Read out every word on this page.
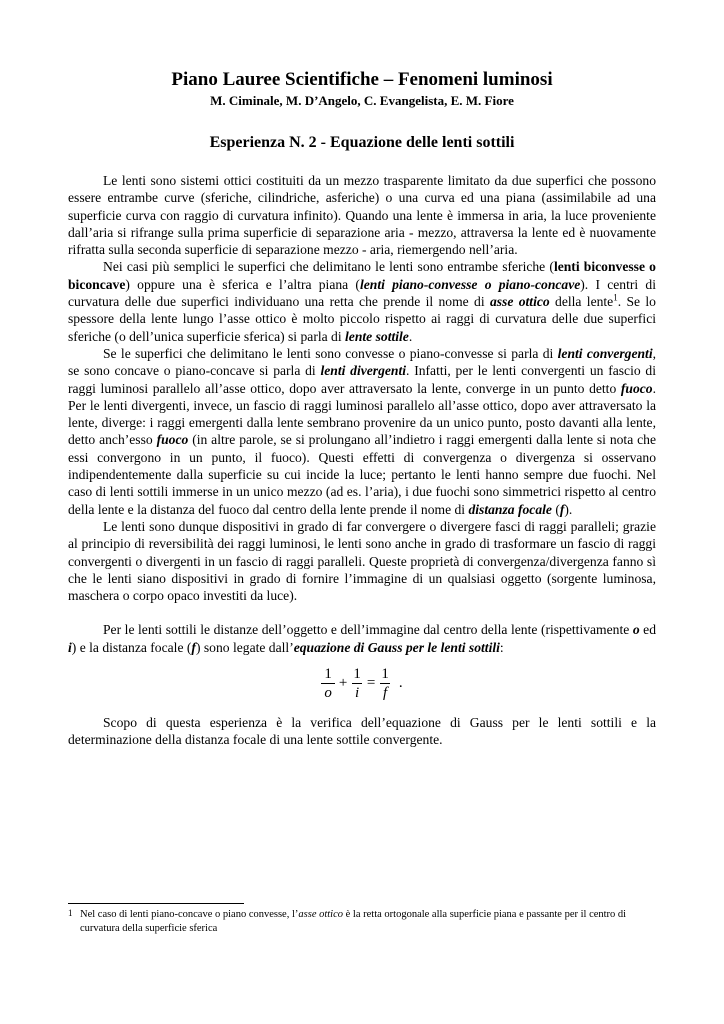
Piano Lauree Scientifiche – Fenomeni luminosi
M. Ciminale, M. D’Angelo, C. Evangelista, E. M. Fiore
Esperienza N. 2 - Equazione delle lenti sottili

Le lenti sono sistemi ottici costituiti da un mezzo trasparente limitato da due superfici che possono essere entrambe curve (sferiche, cilindriche, asferiche) o una curva ed una piana (assimilabile ad una superficie curva con raggio di curvatura infinito). Quando una lente è immersa in aria, la luce proveniente dall’aria si rifrange sulla prima superficie di separazione aria - mezzo, attraversa la lente ed è nuovamente rifratta sulla seconda superficie di separazione mezzo - aria, riemergendo nell’aria.

Nei casi più semplici le superfici che delimitano le lenti sono entrambe sferiche (lenti biconvesse o biconcave) oppure una è sferica e l’altra piana (lenti piano-convesse o piano-concave). I centri di curvatura delle due superfici individuano una retta che prende il nome di asse ottico della lente$^1$. Se lo spessore della lente lungo l’asse ottico è molto piccolo rispetto ai raggi di curvatura delle due superfici sferiche (o dell’unica superficie sferica) si parla di lente sottile.

Se le superfici che delimitano le lenti sono convesse o piano-convesse si parla di lenti convergenti, se sono concave o piano-concave si parla di lenti divergenti. Infatti, per le lenti convergenti un fascio di raggi luminosi parallelo all’asse ottico, dopo aver attraversato la lente, converge in un punto detto fuoco. Per le lenti divergenti, invece, un fascio di raggi luminosi parallelo all’asse ottico, dopo aver attraversato la lente, diverge: i raggi emergenti dalla lente sembrano provenire da un unico punto, posto davanti alla lente, detto anch’esso fuoco (in altre parole, se si prolungano all’indietro i raggi emergenti dalla lente si nota che essi convergono in un punto, il fuoco). Questi effetti di convergenza o divergenza si osservano indipendentemente dalla superficie su cui incide la luce; pertanto le lenti hanno sempre due fuochi. Nel caso di lenti sottili immerse in un unico mezzo (ad es. l’aria), i due fuochi sono simmetrici rispetto al centro della lente e la distanza del fuoco dal centro della lente prende il nome di distanza focale (f).

Le lenti sono dunque dispositivi in grado di far convergere o divergere fasci di raggi paralleli; grazie al principio di reversibilità dei raggi luminosi, le lenti sono anche in grado di trasformare un fascio di raggi convergenti o divergenti in un fascio di raggi paralleli. Queste proprietà di convergenza/divergenza fanno sì che le lenti siano dispositivi in grado di fornire l’immagine di un qualsiasi oggetto (sorgente luminosa, maschera o corpo opaco investiti da luce).

Per le lenti sottili le distanze dell’oggetto e dell’immagine dal centro della lente (rispettivamente o ed i) e la distanza focale (f) sono legate dall’equazione di Gauss per le lenti sottili:

$\frac{1}{o} + \frac{1}{i} = \frac{1}{f}$ .

Scopo di questa esperienza è la verifica dell’equazione di Gauss per le lenti sottili e la determinazione della distanza focale di una lente sottile convergente.

1 Nel caso di lenti piano-concave o piano convesse, l’asse ottico è la retta ortogonale alla superficie piana e passante per il centro di curvatura della superficie sferica
